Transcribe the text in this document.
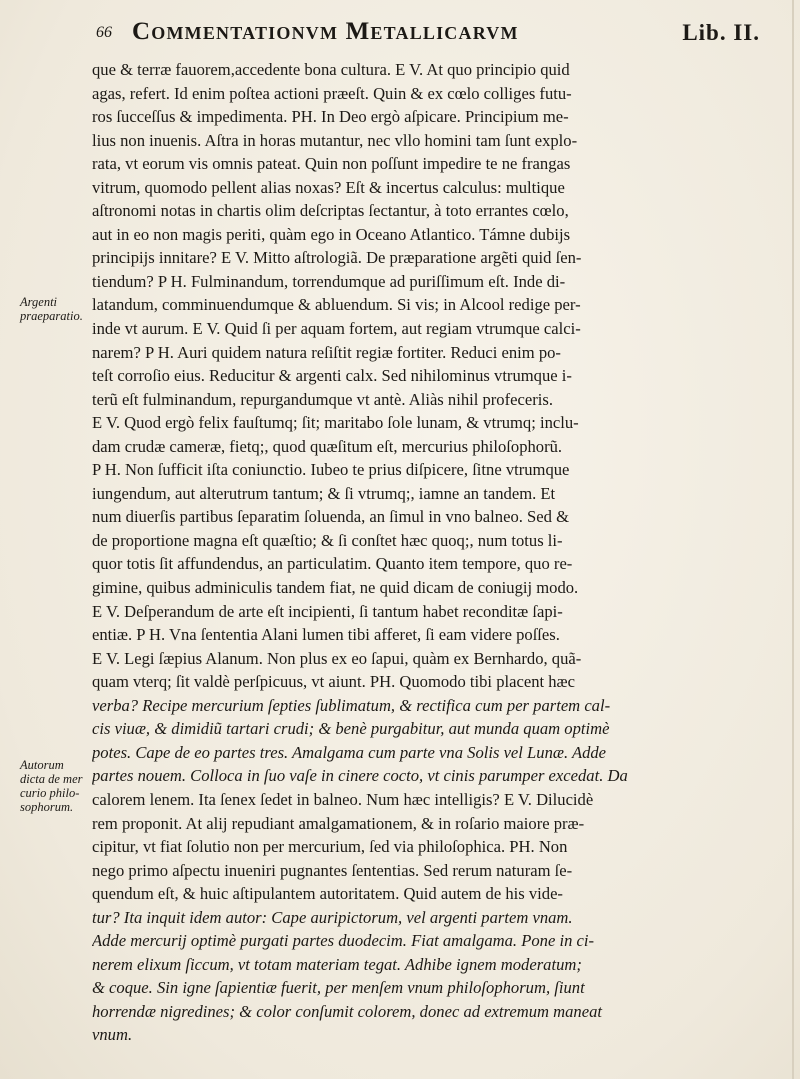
66 Commentationvm Metallicarvm	Lib. II.
Argenti
praeparatio.
Autorum
dicta de mer
curio philo-
sophorum.
que & terræ fauorem,accedente bona cultura. E V. At quo principio quid
agas, refert. Id enim poſtea actioni præeſt. Quin & ex cœlo colliges futu-
ros ſucceſſus & impedimenta. PH. In Deo ergò aſpicare. Principium me-
lius non inuenis. Aſtra in horas mutantur, nec vllo homini tam ſunt explo-
rata, vt eorum vis omnis pateat. Quin non poſſunt impedire te ne frangas
vitrum, quomodo pellent alias noxas? Eſt & incertus calculus: multique
aſtronomi notas in chartis olim deſcriptas ſectantur, à toto errantes cœlo,
aut in eo non magis periti, quàm ego in Oceano Atlantico. Támne dubijs
principijs innitare? E V. Mitto aſtrologiã. De præparatione argẽti quid ſen-
tiendum? P H. Fulminandum, torrendumque ad puriſſimum eſt. Inde di-
latandum, comminuendumque & abluendum. Si vis; in Alcool redige per-
inde vt aurum. E V. Quid ſi per aquam fortem, aut regiam vtrumque calci-
narem? P H. Auri quidem natura reſiſtit regiæ fortiter. Reduci enim po-
teſt corroſio eius. Reducitur & argenti calx. Sed nihilominus vtrumque i-
terũ eſt fulminandum, repurgandumque vt antè. Aliàs nihil profeceris.
E V. Quod ergò felix fauſtumq; ſit; maritabo ſole lunam, & vtrumq; inclu-
dam crudæ cameræ, fietq;, quod quæſitum eſt, mercurius philoſophorũ.
P H. Non ſufficit iſta coniunctio. Iubeo te prius diſpicere, ſitne vtrumque
iungendum, aut alterutrum tantum; & ſi vtrumq;, iamne an tandem. Et
num diuerſis partibus ſeparatim ſoluenda, an ſimul in vno balneo. Sed &
de proportione magna eſt quæſtio; & ſi conſtet hæc quoq;, num totus li-
quor totis ſit affundendus, an particulatim. Quanto item tempore, quo re-
gimine, quibus adminiculis tandem fiat, ne quid dicam de coniugij modo.
E V. Deſperandum de arte eſt incipienti, ſi tantum habet reconditæ ſapi-
entiæ. P H. Vna ſententia Alani lumen tibi afferet, ſi eam videre poſſes.
E V. Legi ſæpius Alanum. Non plus ex eo ſapui, quàm ex Bernhardo, quã-
quam vterq; ſit valdè perſpicuus, vt aiunt. PH. Quomodo tibi placent hæc
verba? Recipe mercurium ſepties ſublimatum, & rectifica cum per partem cal-
cis viuæ, & dimidiũ tartari crudi; & benè purgabitur, aut munda quam optimè
potes. Cape de eo partes tres. Amalgama cum parte vna Solis vel Lunæ. Adde
partes nouem. Colloca in ſuo vaſe in cinere cocto, vt cinis parumper excedat. Da
calorem lenem. Ita ſenex ſedet in balneo. Num hæc intelligis? E V. Dilucidè
rem proponit. At alij repudiant amalgamationem, & in roſario maiore præ-
cipitur, vt fiat ſolutio non per mercurium, ſed via philoſophica. PH. Non
nego primo aſpectu inueniri pugnantes ſententias. Sed rerum naturam ſe-
quendum eſt, & huic aſtipulantem autoritatem. Quid autem de his vide-
tur? Ita inquit idem autor: Cape auripictorum, vel argenti partem vnam.
Adde mercurij optimè purgati partes duodecim. Fiat amalgama. Pone in ci-
nerem elixum ſiccum, vt totam materiam tegat. Adhibe ignem moderatum;
& coque. Sin igne ſapientiæ fuerit, per menſem vnum philoſophorum, ſiunt
horrendæ nigredines; & color conſumit colorem, donec ad extremum maneat
vnum.
